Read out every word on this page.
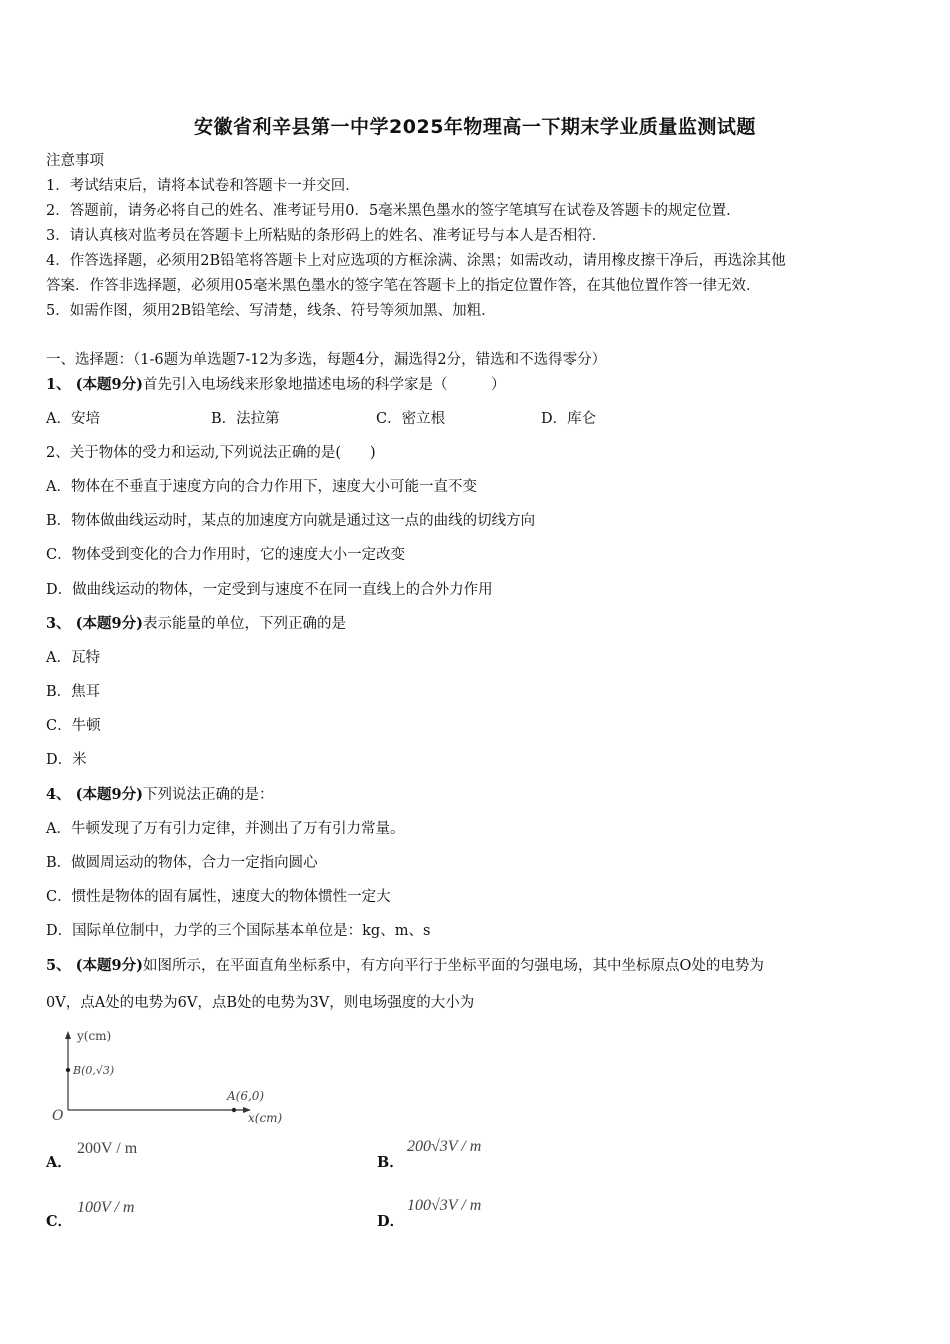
安徽省利辛县第一中学2025年物理高一下期末学业质量监测试题
注意事项
1．考试结束后，请将本试卷和答题卡一并交回．
2．答题前，请务必将自己的姓名、准考证号用0．5毫米黑色墨水的签字笔填写在试卷及答题卡的规定位置．
3．请认真核对监考员在答题卡上所粘贴的条形码上的姓名、准考证号与本人是否相符．
4．作答选择题，必须用2B铅笔将答题卡上对应选项的方框涂满、涂黑；如需改动，请用橡皮擦干净后，再选涂其他
答案．作答非选择题，必须用05毫米黑色墨水的签字笔在答题卡上的指定位置作答，在其他位置作答一律无效．
5．如需作图，须用2B铅笔绘、写清楚，线条、符号等须加黑、加粗．
一、选择题：（1-6题为单选题7-12为多选，每题4分，漏选得2分，错选和不选得零分）
1、 (本题9分)首先引入电场线来形象地描述电场的科学家是（　　　）
A．安培	B．法拉第	C．密立根	D．库仑
2、关于物体的受力和运动,下列说法正确的是(　　)
A．物体在不垂直于速度方向的合力作用下，速度大小可能一直不变
B．物体做曲线运动时，某点的加速度方向就是通过这一点的曲线的切线方向
C．物体受到变化的合力作用时，它的速度大小一定改变
D．做曲线运动的物体，一定受到与速度不在同一直线上的合外力作用
3、 (本题9分)表示能量的单位，下列正确的是
A．瓦特
B．焦耳
C．牛顿
D．米
4、 (本题9分)下列说法正确的是：
A．牛顿发现了万有引力定律，并测出了万有引力常量。
B．做圆周运动的物体，合力一定指向圆心
C．惯性是物体的固有属性，速度大的物体惯性一定大
D．国际单位制中，力学的三个国际基本单位是：kg、m、s
5、 (本题9分)如图所示，在平面直角坐标系中，有方向平行于坐标平面的匀强电场，其中坐标原点O处的电势为
0V，点A处的电势为6V，点B处的电势为3V，则电场强度的大小为
y(cm)
B(0,√3)
A(6,0)
O	x(cm)
A．
200V / m
B．
200√3V / m
C．
100V / m
D．
100√3V / m
